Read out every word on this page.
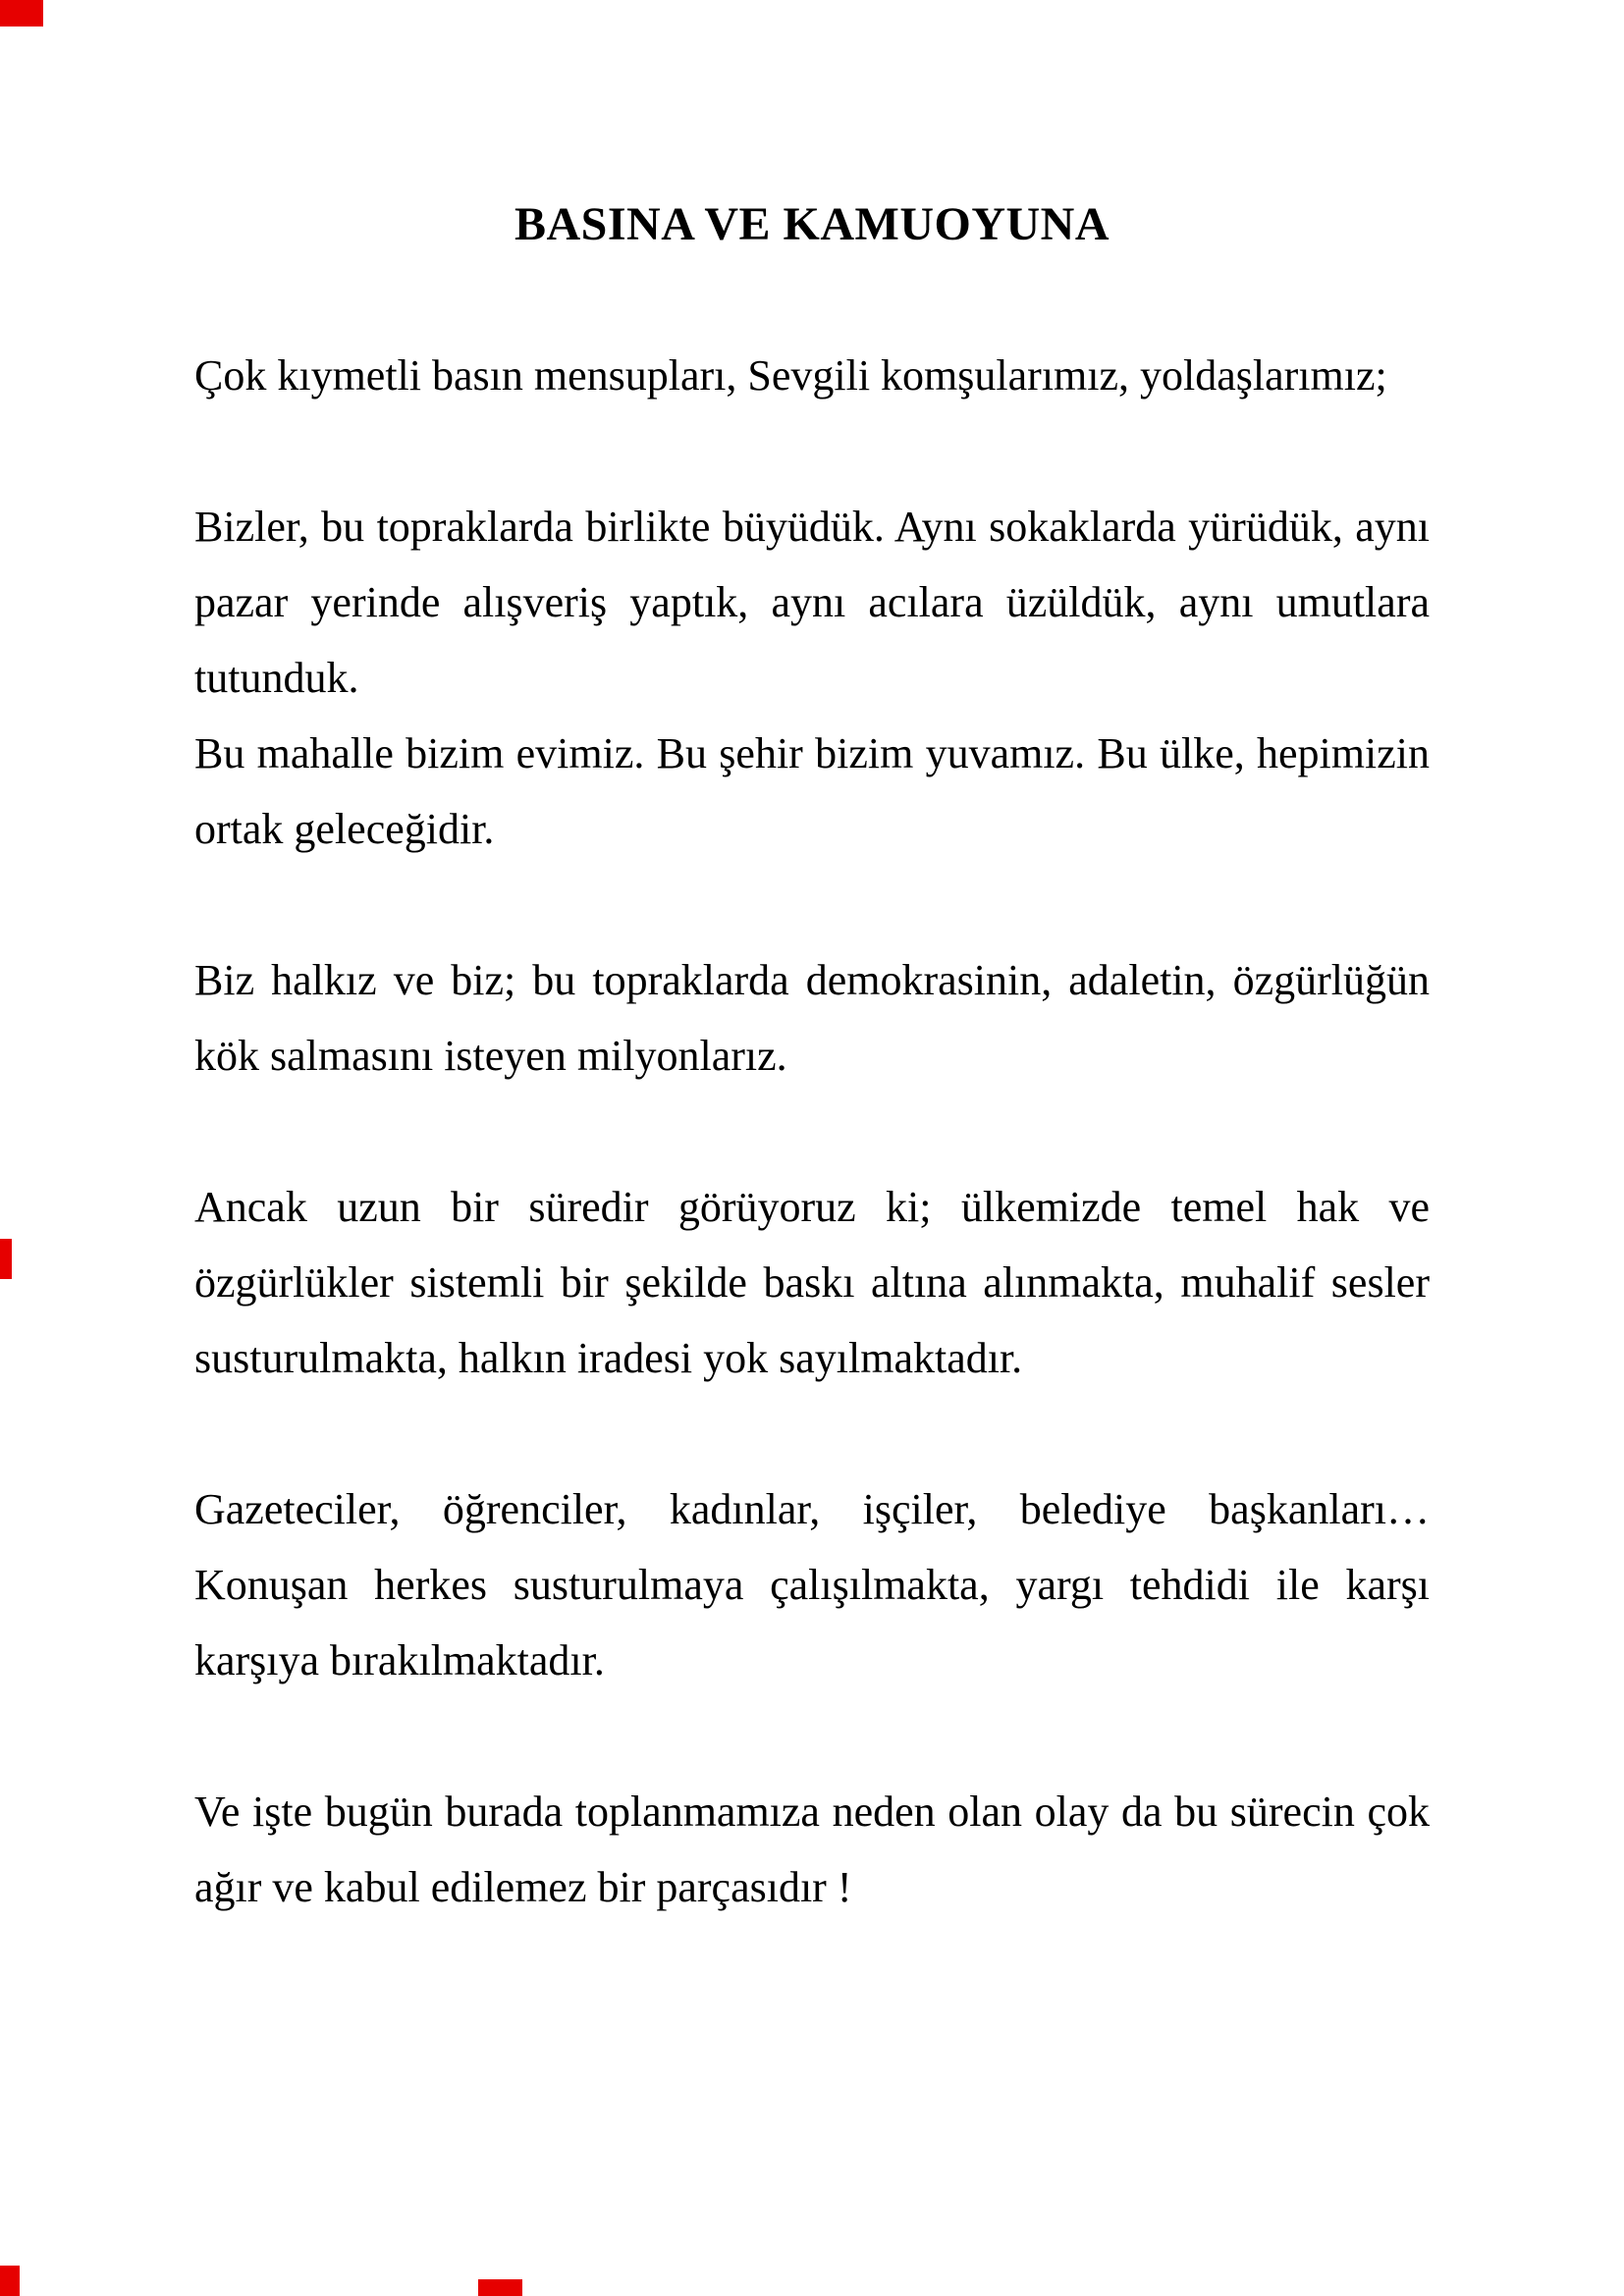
BASINA VE KAMUOYUNA
Çok kıymetli basın mensupları, Sevgili komşularımız, yoldaşlarımız;
Bizler, bu topraklarda birlikte büyüdük. Aynı sokaklarda yürüdük, aynı
pazar yerinde alışveriş yaptık, aynı acılara üzüldük, aynı umutlara
tutunduk.
Bu mahalle bizim evimiz. Bu şehir bizim yuvamız. Bu ülke, hepimizin
ortak geleceğidir.
Biz halkız ve biz; bu topraklarda demokrasinin, adaletin, özgürlüğün
kök salmasını isteyen milyonlarız.
Ancak uzun bir süredir görüyoruz ki; ülkemizde temel hak ve
özgürlükler sistemli bir şekilde baskı altına alınmakta, muhalif sesler
susturulmakta, halkın iradesi yok sayılmaktadır.
Gazeteciler, öğrenciler, kadınlar, işçiler, belediye başkanları…
Konuşan herkes susturulmaya çalışılmakta, yargı tehdidi ile karşı
karşıya bırakılmaktadır.
Ve işte bugün burada toplanmamıza neden olan olay da bu sürecin çok
ağır ve kabul edilemez bir parçasıdır !
